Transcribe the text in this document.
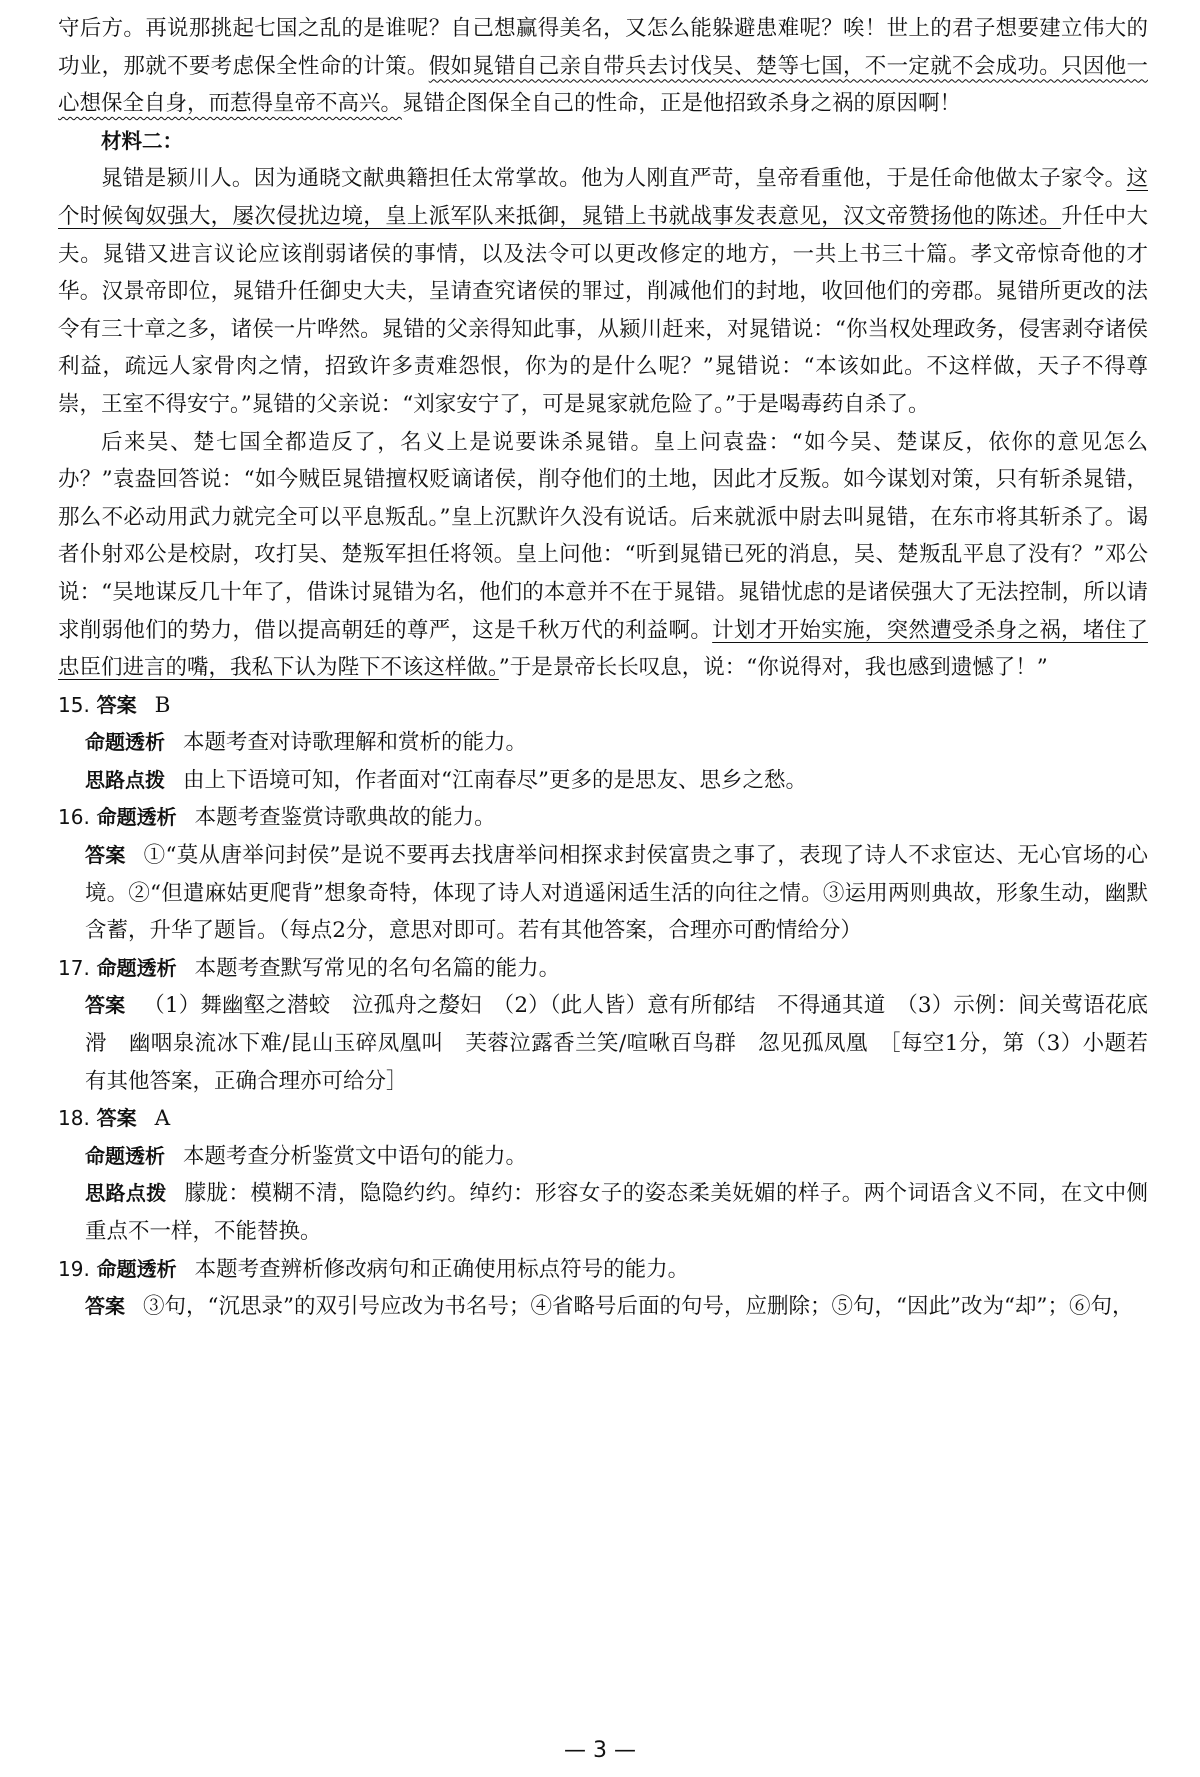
守后方。再说那挑起七国之乱的是谁呢？自己想赢得美名，又怎么能躲避患难呢？唉！世上的君子想要建立伟大的功业，那就不要考虑保全性命的计策。假如晁错自己亲自带兵去讨伐吴、楚等七国，不一定就不会成功。只因他一心想保全自身，而惹得皇帝不高兴。晁错企图保全自己的性命，正是他招致杀身之祸的原因啊！

材料二：

晁错是颍川人。因为通晓文献典籍担任太常掌故。他为人刚直严苛，皇帝看重他，于是任命他做太子家令。这个时候匈奴强大，屡次侵扰边境，皇上派军队来抵御，晁错上书就战事发表意见，汉文帝赞扬他的陈述。升任中大夫。晁错又进言议论应该削弱诸侯的事情，以及法令可以更改修定的地方，一共上书三十篇。孝文帝惊奇他的才华。汉景帝即位，晁错升任御史大夫，呈请查究诸侯的罪过，削减他们的封地，收回他们的旁郡。晁错所更改的法令有三十章之多，诸侯一片哗然。晁错的父亲得知此事，从颍川赶来，对晁错说：“你当权处理政务，侵害剥夺诸侯利益，疏远人家骨肉之情，招致许多责难怨恨，你为的是什么呢？”晁错说：“本该如此。不这样做，天子不得尊崇，王室不得安宁。”晁错的父亲说：“刘家安宁了，可是晁家就危险了。”于是喝毒药自杀了。

后来吴、楚七国全都造反了，名义上是说要诛杀晁错。皇上问袁盎：“如今吴、楚谋反，依你的意见怎么办？”袁盎回答说：“如今贼臣晁错擅权贬谪诸侯，削夺他们的土地，因此才反叛。如今谋划对策，只有斩杀晁错，那么不必动用武力就完全可以平息叛乱。”皇上沉默许久没有说话。后来就派中尉去叫晁错，在东市将其斩杀了。谒者仆射邓公是校尉，攻打吴、楚叛军担任将领。皇上问他：“听到晁错已死的消息，吴、楚叛乱平息了没有？”邓公说：“吴地谋反几十年了，借诛讨晁错为名，他们的本意并不在于晁错。晁错忧虑的是诸侯强大了无法控制，所以请求削弱他们的势力，借以提高朝廷的尊严，这是千秋万代的利益啊。计划才开始实施，突然遭受杀身之祸，堵住了忠臣们进言的嘴，我私下认为陛下不该这样做。”于是景帝长长叹息，说：“你说得对，我也感到遗憾了！”

15. 答案 B

命题透析 本题考查对诗歌理解和赏析的能力。

思路点拨 由上下语境可知，作者面对“江南春尽”更多的是思友、思乡之愁。

16. 命题透析 本题考查鉴赏诗歌典故的能力。

答案 ①“莫从唐举问封侯”是说不要再去找唐举问相探求封侯富贵之事了，表现了诗人不求宦达、无心官场的心境。②“但遣麻姑更爬背”想象奇特，体现了诗人对逍遥闲适生活的向往之情。③运用两则典故，形象生动，幽默含蓄，升华了题旨。（每点2分，意思对即可。若有其他答案，合理亦可酌情给分）

17. 命题透析 本题考查默写常见的名句名篇的能力。

答案 （1）舞幽壑之潜蛟　泣孤舟之嫠妇　（2）（此人皆）意有所郁结　不得通其道　（3）示例：间关莺语花底滑　幽咽泉流冰下难/昆山玉碎凤凰叫　芙蓉泣露香兰笑/喧啾百鸟群　忽见孤凤凰　［每空1分，第（3）小题若有其他答案，正确合理亦可给分］

18. 答案 A

命题透析 本题考查分析鉴赏文中语句的能力。

思路点拨 朦胧：模糊不清，隐隐约约。绰约：形容女子的姿态柔美妩媚的样子。两个词语含义不同，在文中侧重点不一样，不能替换。

19. 命题透析 本题考查辨析修改病句和正确使用标点符号的能力。

答案 ③句，“沉思录”的双引号应改为书名号；④省略号后面的句号，应删除；⑤句，“因此”改为“却”；⑥句，

— 3 —
